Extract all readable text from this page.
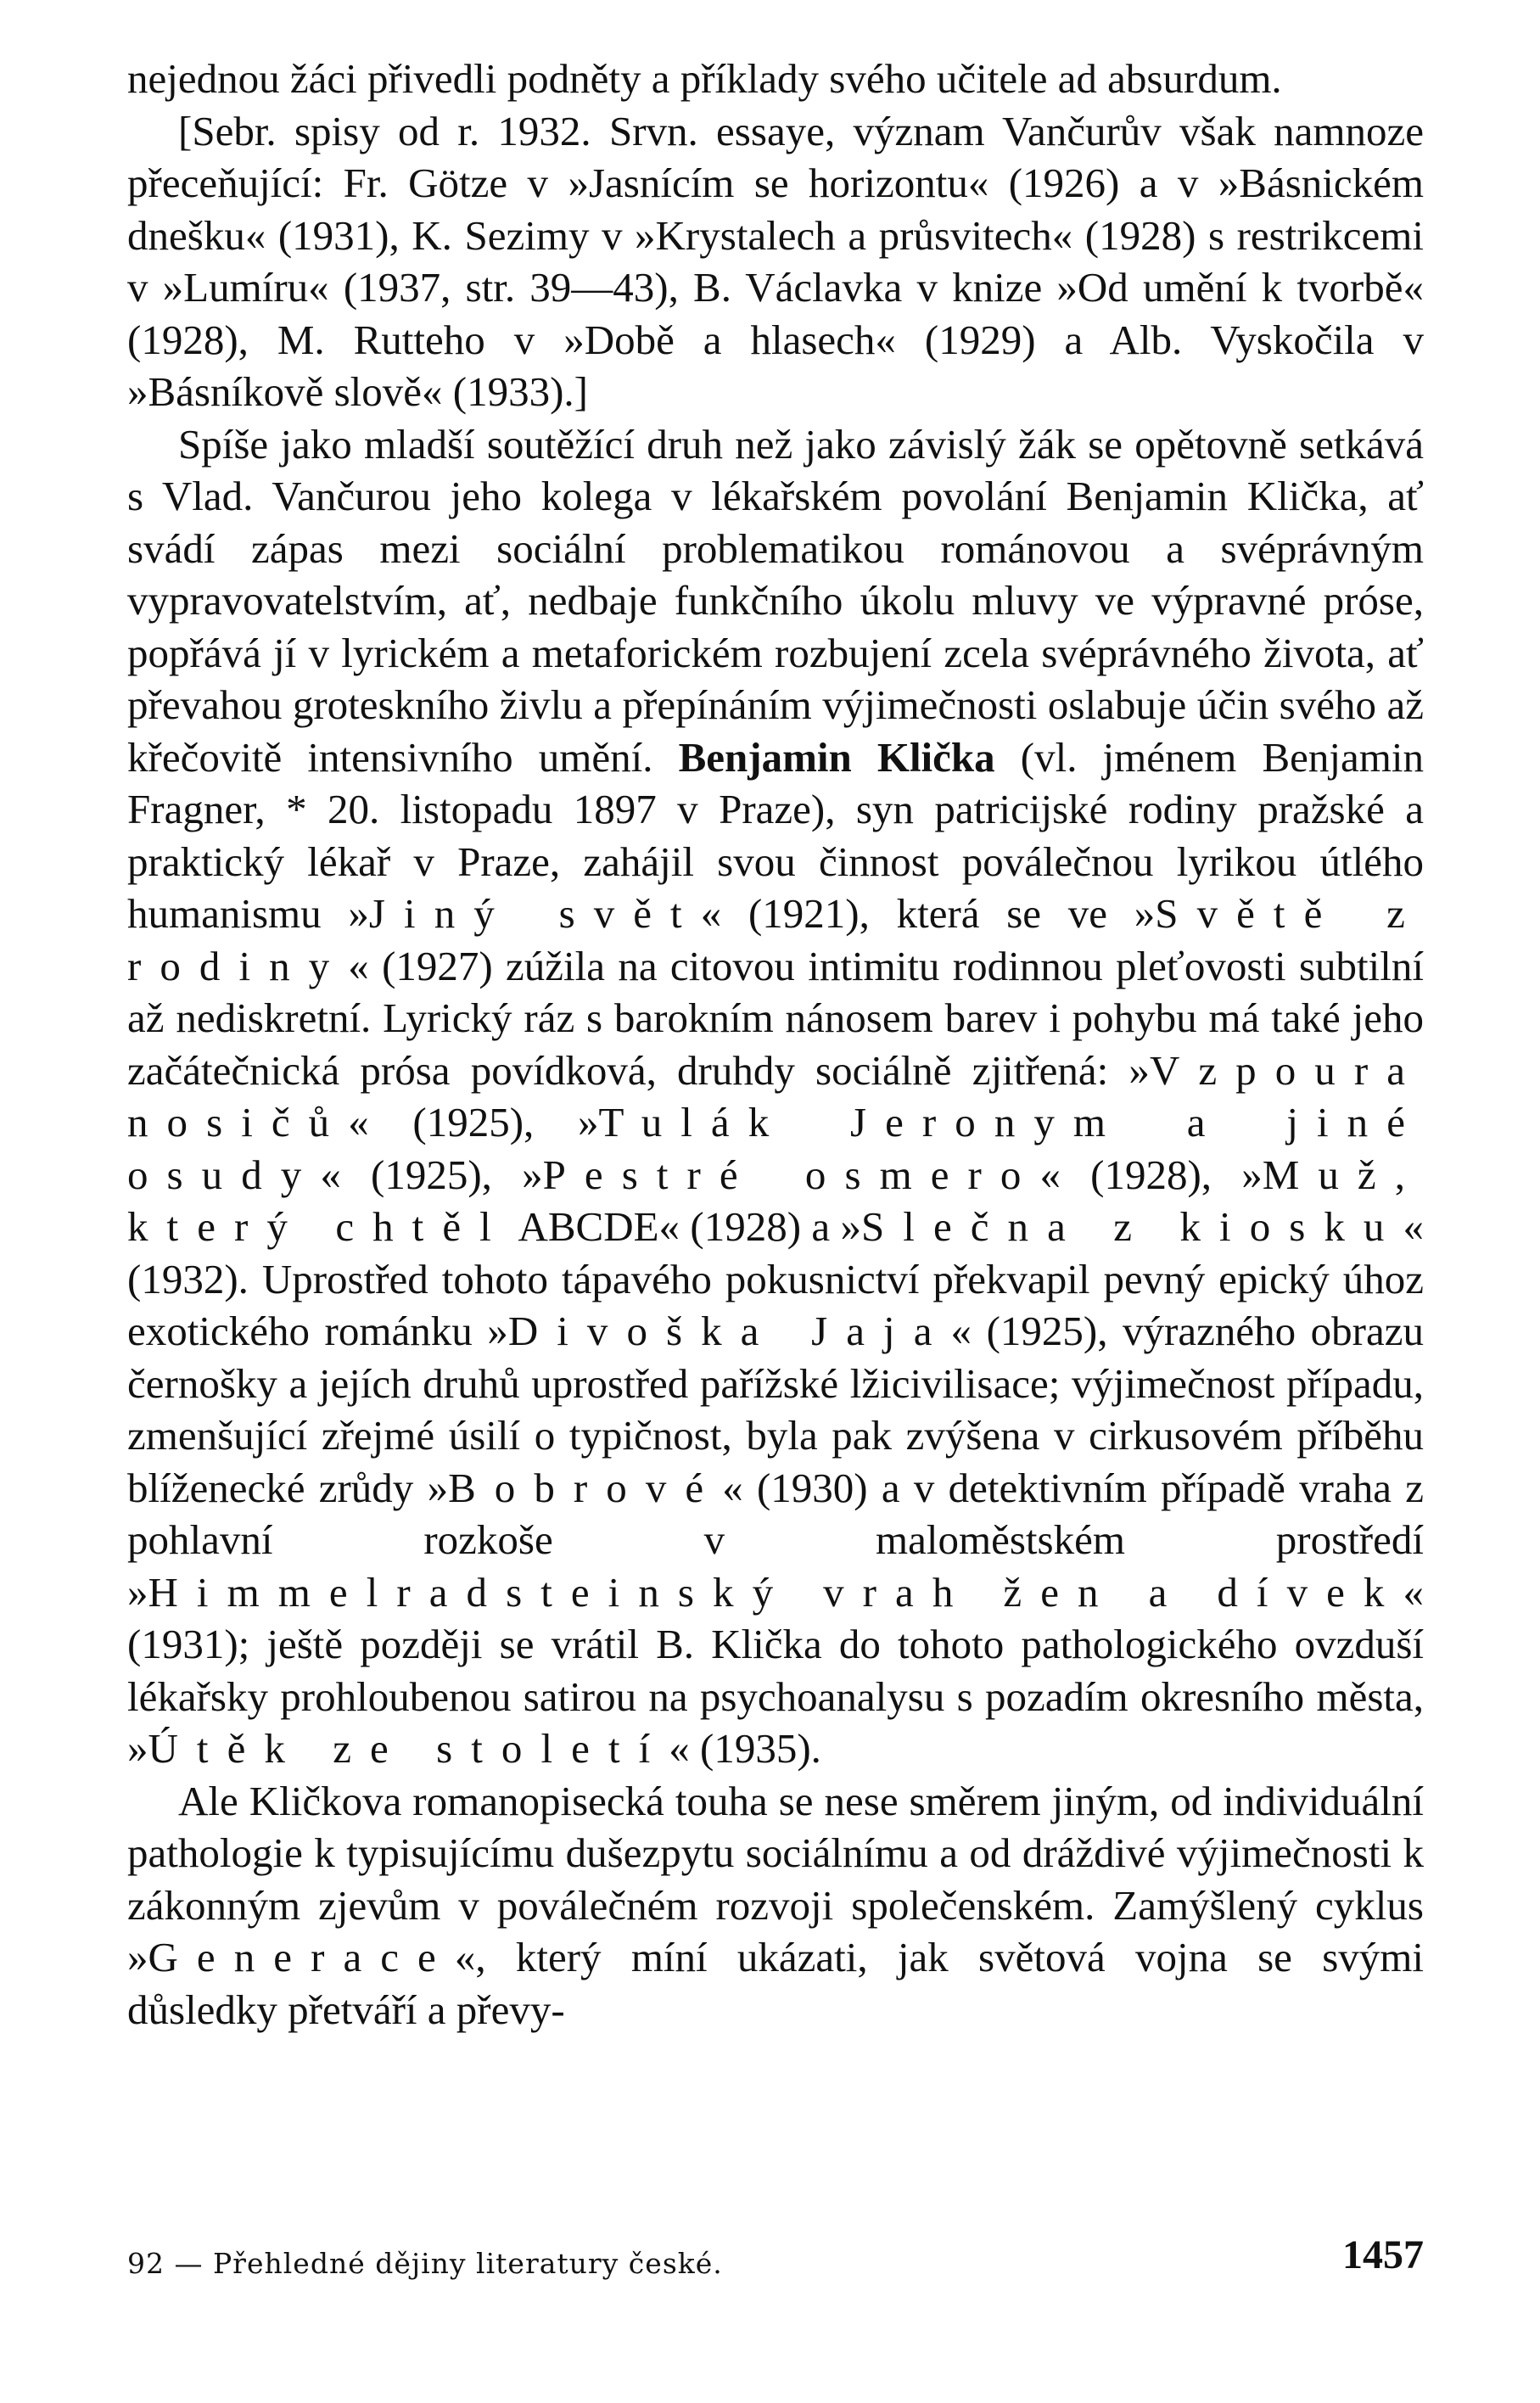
nejednou žáci přivedli podněty a příklady svého učitele ad absurdum.

[Sebr. spisy od r. 1932. Srvn. essaye, význam Vančurův však namnoze přeceňující: Fr. Götze v »Jasnícím se horizontu« (1926) a v »Básnickém dnešku« (1931), K. Sezimy v »Krystalech a průsvitech« (1928) s restrikcemi v »Lumíru« (1937, str. 39—43), B. Václavka v knize »Od umění k tvorbě« (1928), M. Rutteho v »Době a hlasech« (1929) a Alb. Vyskočila v »Básníkově slově« (1933).]

Spíše jako mladší soutěžící druh než jako závislý žák se opětovně setkává s Vlad. Vančurou jeho kolega v lékařském povolání Benjamin Klička, ať svádí zápas mezi sociální problematikou románovou a svéprávným vypravovatelstvím, ať, nedbaje funkčního úkolu mluvy ve výpravné próse, popřává jí v lyrickém a metaforickém rozbujení zcela svéprávného života, ať převahou groteskního živlu a přepínáním výjimečnosti oslabuje účin svého až křečovitě intensivního umění. Benjamin Klička (vl. jménem Benjamin Fragner, * 20. listopadu 1897 v Praze), syn patricijské rodiny pražské a praktický lékař v Praze, zahájil svou činnost poválečnou lyrikou útlého humanismu »Jiný svět« (1921), která se ve »Světě z rodiny« (1927) zúžila na citovou intimitu rodinnou pleťovosti subtilní až nediskretní. Lyrický ráz s barokním nánosem barev i pohybu má také jeho začátečnická prósa povídková, druhdy sociálně zjitřená: »Vzpoura nosičů« (1925), »Tulák Jeronym a jiné osudy« (1925), »Pestré osmero« (1928), »Muž, který chtěl ABCDE« (1928) a »Slečna z kiosku« (1932). Uprostřed tohoto tápavého pokusnictví překvapil pevný epický úhoz exotického románku »Divoška Jaja« (1925), výrazného obrazu černošky a jejích druhů uprostřed pařížské lžicivilisace; výjimečnost případu, zmenšující zřejmé úsilí o typičnost, byla pak zvýšena v cirkusovém příběhu blíženecké zrůdy »Bobrové« (1930) a v detektivním případě vraha z pohlavní rozkoše v maloměstském prostředí »Himmelradsteinský vrah žen a dívek« (1931); ještě později se vrátil B. Klička do tohoto pathologického ovzduší lékařsky prohloubenou satirou na psychoanalysu s pozadím okresního města, »Útěk ze století« (1935).

Ale Kličkova romanopisecká touha se nese směrem jiným, od individuální pathologie k typisujícímu dušezpytu sociálnímu a od dráždivé výjimečnosti k zákonným zjevům v poválečném rozvoji společenském. Zamýšlený cyklus »Generace«, který míní ukázati, jak světová vojna se svými důsledky přetváří a převy-

92 — Přehledné dějiny literatury české.	1457
